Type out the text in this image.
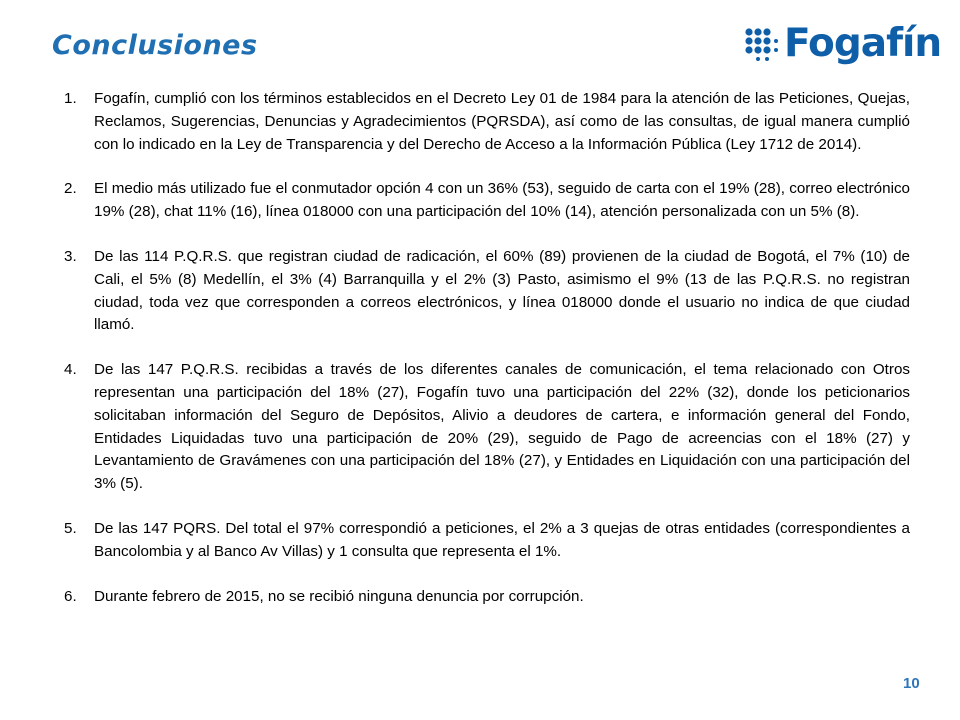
Conclusiones	Fogafín
1.	Fogafín, cumplió con los términos establecidos en el Decreto Ley 01 de 1984 para la atención de las Peticiones, Quejas, Reclamos, Sugerencias, Denuncias y Agradecimientos (PQRSDA), así como de las consultas, de igual manera cumplió con lo indicado en la Ley de Transparencia y del Derecho de Acceso a la Información Pública (Ley 1712 de 2014).
2.	El medio más utilizado fue el conmutador opción 4 con un 36% (53), seguido de carta con el 19% (28), correo electrónico 19% (28), chat 11% (16), línea 018000 con una participación del 10% (14), atención personalizada con un 5% (8).
3.	De las 114 P.Q.R.S. que registran ciudad de radicación, el 60% (89) provienen de la ciudad de Bogotá, el 7% (10) de Cali, el 5% (8) Medellín, el 3% (4) Barranquilla y el 2% (3) Pasto, asimismo el 9% (13 de las P.Q.R.S. no registran ciudad, toda vez que corresponden a correos electrónicos, y línea 018000 donde el usuario no indica de que ciudad llamó.
4.	De las 147 P.Q.R.S. recibidas a través de los diferentes canales de comunicación, el tema relacionado con Otros representan una participación del 18% (27), Fogafín tuvo una participación del 22% (32), donde los peticionarios solicitaban información del Seguro de Depósitos, Alivio a deudores de cartera, e información general del Fondo, Entidades Liquidadas tuvo una participación de 20% (29), seguido de Pago de acreencias con el 18% (27) y Levantamiento de Gravámenes con una participación del 18% (27), y Entidades en Liquidación con una participación del 3% (5).
5.	De las 147 PQRS. Del total el 97% correspondió a peticiones, el 2% a 3 quejas de otras entidades (correspondientes a Bancolombia y al Banco Av Villas) y 1 consulta que representa el 1%.
6.	Durante febrero de 2015, no se recibió ninguna denuncia por corrupción.
10
